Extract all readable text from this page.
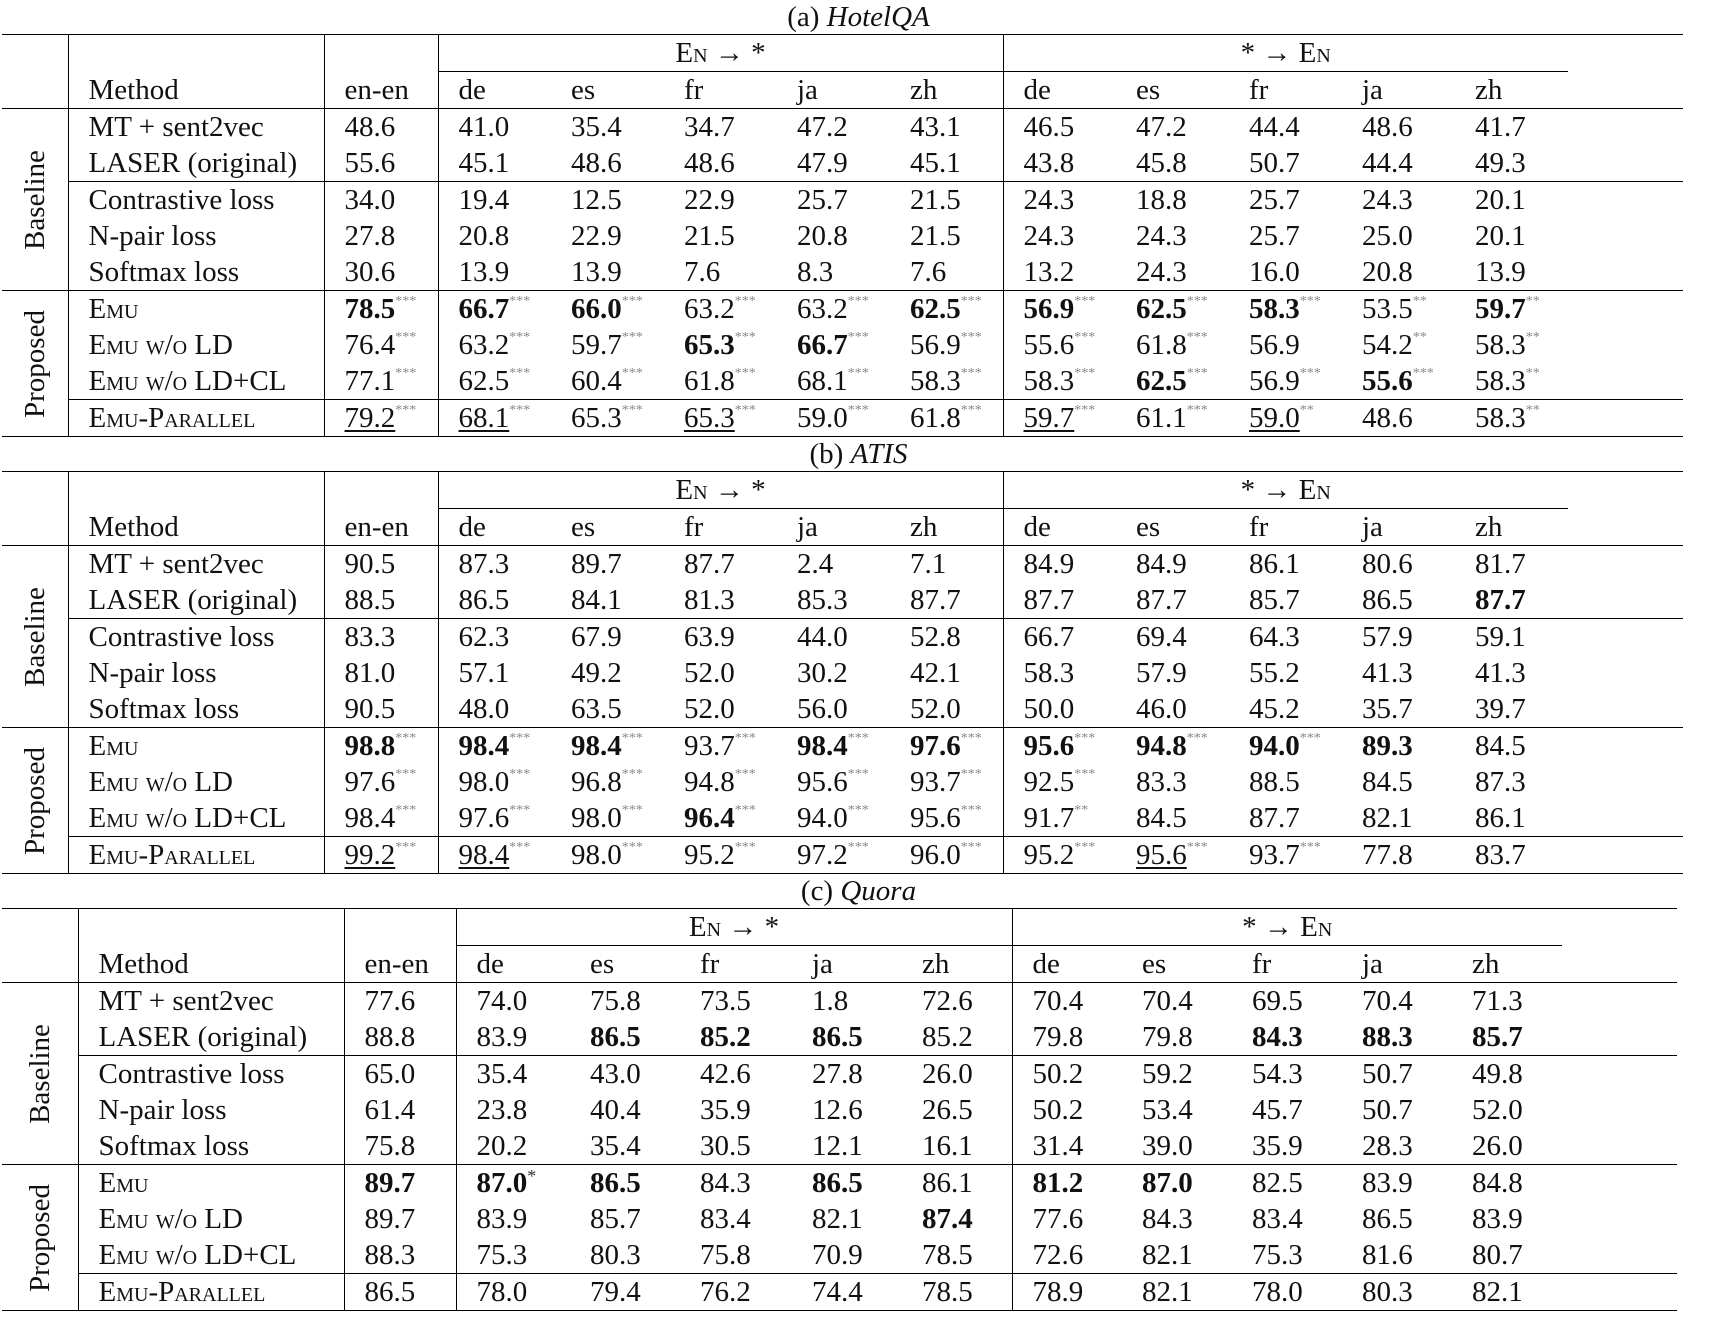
(a) HotelQA
			En → *					* → En				
	Method	en-en	de	es	fr	ja	zh	de	es	fr	ja	zh

Baseline	MT + sent2vec	48.6	41.0	35.4	34.7	47.2	43.1	46.5	47.2	44.4	48.6	41.7
	LASER (original)	55.6	45.1	48.6	48.6	47.9	45.1	43.8	45.8	50.7	44.4	49.3
	Contrastive loss	34.0	19.4	12.5	22.9	25.7	21.5	24.3	18.8	25.7	24.3	20.1
	N-pair loss	27.8	20.8	22.9	21.5	20.8	21.5	24.3	24.3	25.7	25.0	20.1
	Softmax loss	30.6	13.9	13.9	7.6	8.3	7.6	13.2	24.3	16.0	20.8	13.9

Proposed	Emu	78.5***	66.7***	66.0***	63.2***	63.2***	62.5***	56.9***	62.5***	58.3***	53.5**	59.7**
	Emu w/o LD	76.4***	63.2***	59.7***	65.3***	66.7***	56.9***	55.6***	61.8***	56.9	54.2**	58.3**
	Emu w/o LD+CL	77.1***	62.5***	60.4***	61.8***	68.1***	58.3***	58.3***	62.5***	56.9***	55.6***	58.3**
	Emu-Parallel	79.2***	68.1***	65.3***	65.3***	59.0***	61.8***	59.7***	61.1***	59.0**	48.6	58.3**
(b) ATIS
			En → *					* → En				
	Method	en-en	de	es	fr	ja	zh	de	es	fr	ja	zh

Baseline	MT + sent2vec	90.5	87.3	89.7	87.7	2.4	7.1	84.9	84.9	86.1	80.6	81.7
	LASER (original)	88.5	86.5	84.1	81.3	85.3	87.7	87.7	87.7	85.7	86.5	87.7
	Contrastive loss	83.3	62.3	67.9	63.9	44.0	52.8	66.7	69.4	64.3	57.9	59.1
	N-pair loss	81.0	57.1	49.2	52.0	30.2	42.1	58.3	57.9	55.2	41.3	41.3
	Softmax loss	90.5	48.0	63.5	52.0	56.0	52.0	50.0	46.0	45.2	35.7	39.7

Proposed	Emu	98.8***	98.4***	98.4***	93.7***	98.4***	97.6***	95.6***	94.8***	94.0***	89.3	84.5
	Emu w/o LD	97.6***	98.0***	96.8***	94.8***	95.6***	93.7***	92.5***	83.3	88.5	84.5	87.3
	Emu w/o LD+CL	98.4***	97.6***	98.0***	96.4***	94.0***	95.6***	91.7**	84.5	87.7	82.1	86.1
	Emu-Parallel	99.2***	98.4***	98.0***	95.2***	97.2***	96.0***	95.2***	95.6***	93.7***	77.8	83.7
(c) Quora
			En → *					* → En				
	Method	en-en	de	es	fr	ja	zh	de	es	fr	ja	zh

Baseline	MT + sent2vec	77.6	74.0	75.8	73.5	1.8	72.6	70.4	70.4	69.5	70.4	71.3
	LASER (original)	88.8	83.9	86.5	85.2	86.5	85.2	79.8	79.8	84.3	88.3	85.7
	Contrastive loss	65.0	35.4	43.0	42.6	27.8	26.0	50.2	59.2	54.3	50.7	49.8
	N-pair loss	61.4	23.8	40.4	35.9	12.6	26.5	50.2	53.4	45.7	50.7	52.0
	Softmax loss	75.8	20.2	35.4	30.5	12.1	16.1	31.4	39.0	35.9	28.3	26.0

Proposed	Emu	89.7	87.0*	86.5	84.3	86.5	86.1	81.2	87.0	82.5	83.9	84.8
	Emu w/o LD	89.7	83.9	85.7	83.4	82.1	87.4	77.6	84.3	83.4	86.5	83.9
	Emu w/o LD+CL	88.3	75.3	80.3	75.8	70.9	78.5	72.6	82.1	75.3	81.6	80.7
	Emu-Parallel	86.5	78.0	79.4	76.2	74.4	78.5	78.9	82.1	78.0	80.3	82.1
